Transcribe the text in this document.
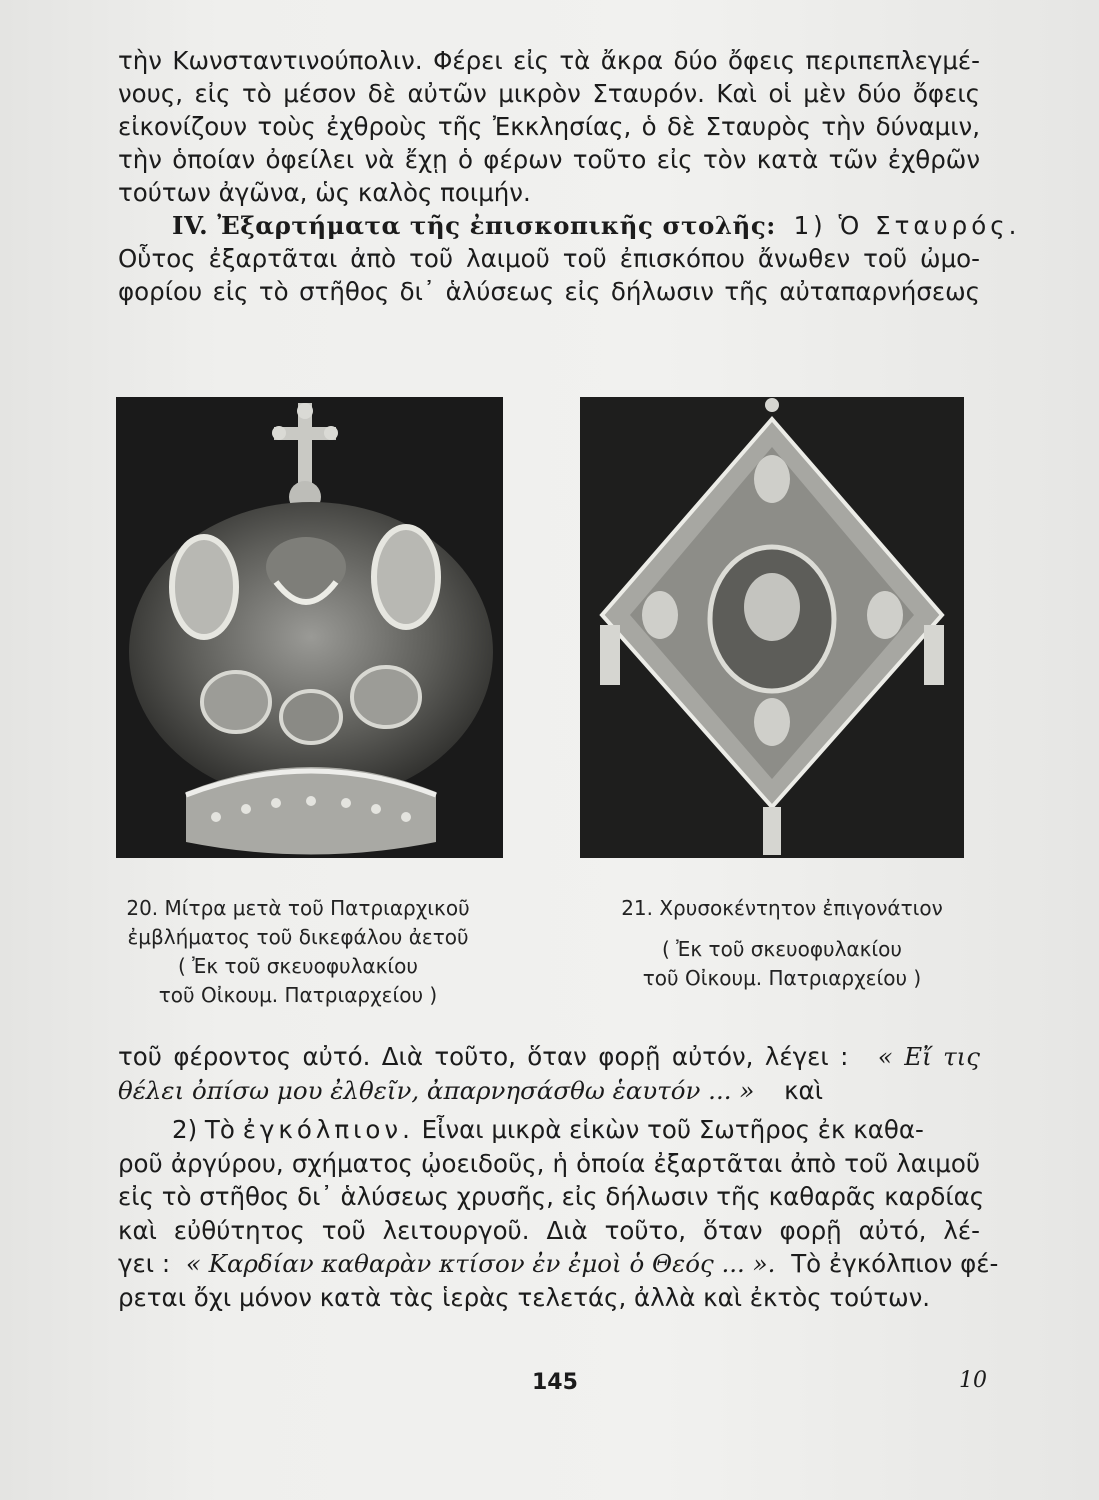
τὴν Κωνσταντινούπολιν. Φέρει εἰς τὰ ἄκρα δύο ὄφεις περιπεπλεγμέ-
νους, εἰς τὸ μέσον δὲ αὐτῶν μικρὸν Σταυρόν. Καὶ οἱ μὲν δύο ὄφεις
εἰκονίζουν τοὺς ἐχθροὺς τῆς Ἐκκλησίας, ὁ δὲ Σταυρὸς τὴν δύναμιν,
τὴν ὁποίαν ὀφείλει νὰ ἔχῃ ὁ φέρων τοῦτο εἰς τὸν κατὰ τῶν ἐχθρῶν
τούτων ἀγῶνα, ὡς καλὸς ποιμήν.

IV. Ἐξαρτήματα τῆς ἐπισκοπικῆς στολῆς: 1) Ὁ Σταυρός.

Οὗτος ἐξαρτᾶται ἀπὸ τοῦ λαιμοῦ τοῦ ἐπισκόπου ἄνωθεν τοῦ ὠμο-
φορίου εἰς τὸ στῆθος δι᾽ ἁλύσεως εἰς δήλωσιν τῆς αὐταπαρνήσεως

20. Μίτρα μετὰ τοῦ Πατριαρχικοῦ
ἐμβλήματος τοῦ δικεφάλου ἀετοῦ
( Ἐκ τοῦ σκευοφυλακίου
τοῦ Οἰκουμ. Πατριαρχείου )
21. Χρυσοκέντητον ἐπιγονάτιον
( Ἐκ τοῦ σκευοφυλακίου
τοῦ Οἰκουμ. Πατριαρχείου )
τοῦ φέροντος αὐτό. Διὰ τοῦτο, ὅταν φορῇ αὐτόν, λέγει : « Εἴ τις
θέλει ὀπίσω μου ἐλθεῖν, ἀπαρνησάσθω ἑαυτόν ... » καὶ
2) Τὸ ἐγκόλπιον. Εἶναι μικρὰ εἰκὼν τοῦ Σωτῆρος ἐκ καθα-

ροῦ ἀργύρου, σχήματος ᾠοειδοῦς, ἡ ὁποία ἐξαρτᾶται ἀπὸ τοῦ λαιμοῦ
εἰς τὸ στῆθος δι᾽ ἁλύσεως χρυσῆς, εἰς δήλωσιν τῆς καθαρᾶς καρδίας
καὶ εὐθύτητος τοῦ λειτουργοῦ. Διὰ τοῦτο, ὅταν φορῇ αὐτό, λέ-

γει : « Καρδίαν καθαρὰν κτίσον ἐν ἐμοὶ ὁ Θεός ... ». Τὸ ἐγκόλπιον φέ-
ρεται ὄχι μόνον κατὰ τὰς ἱερὰς τελετάς, ἀλλὰ καὶ ἐκτὸς τούτων.
145	10
